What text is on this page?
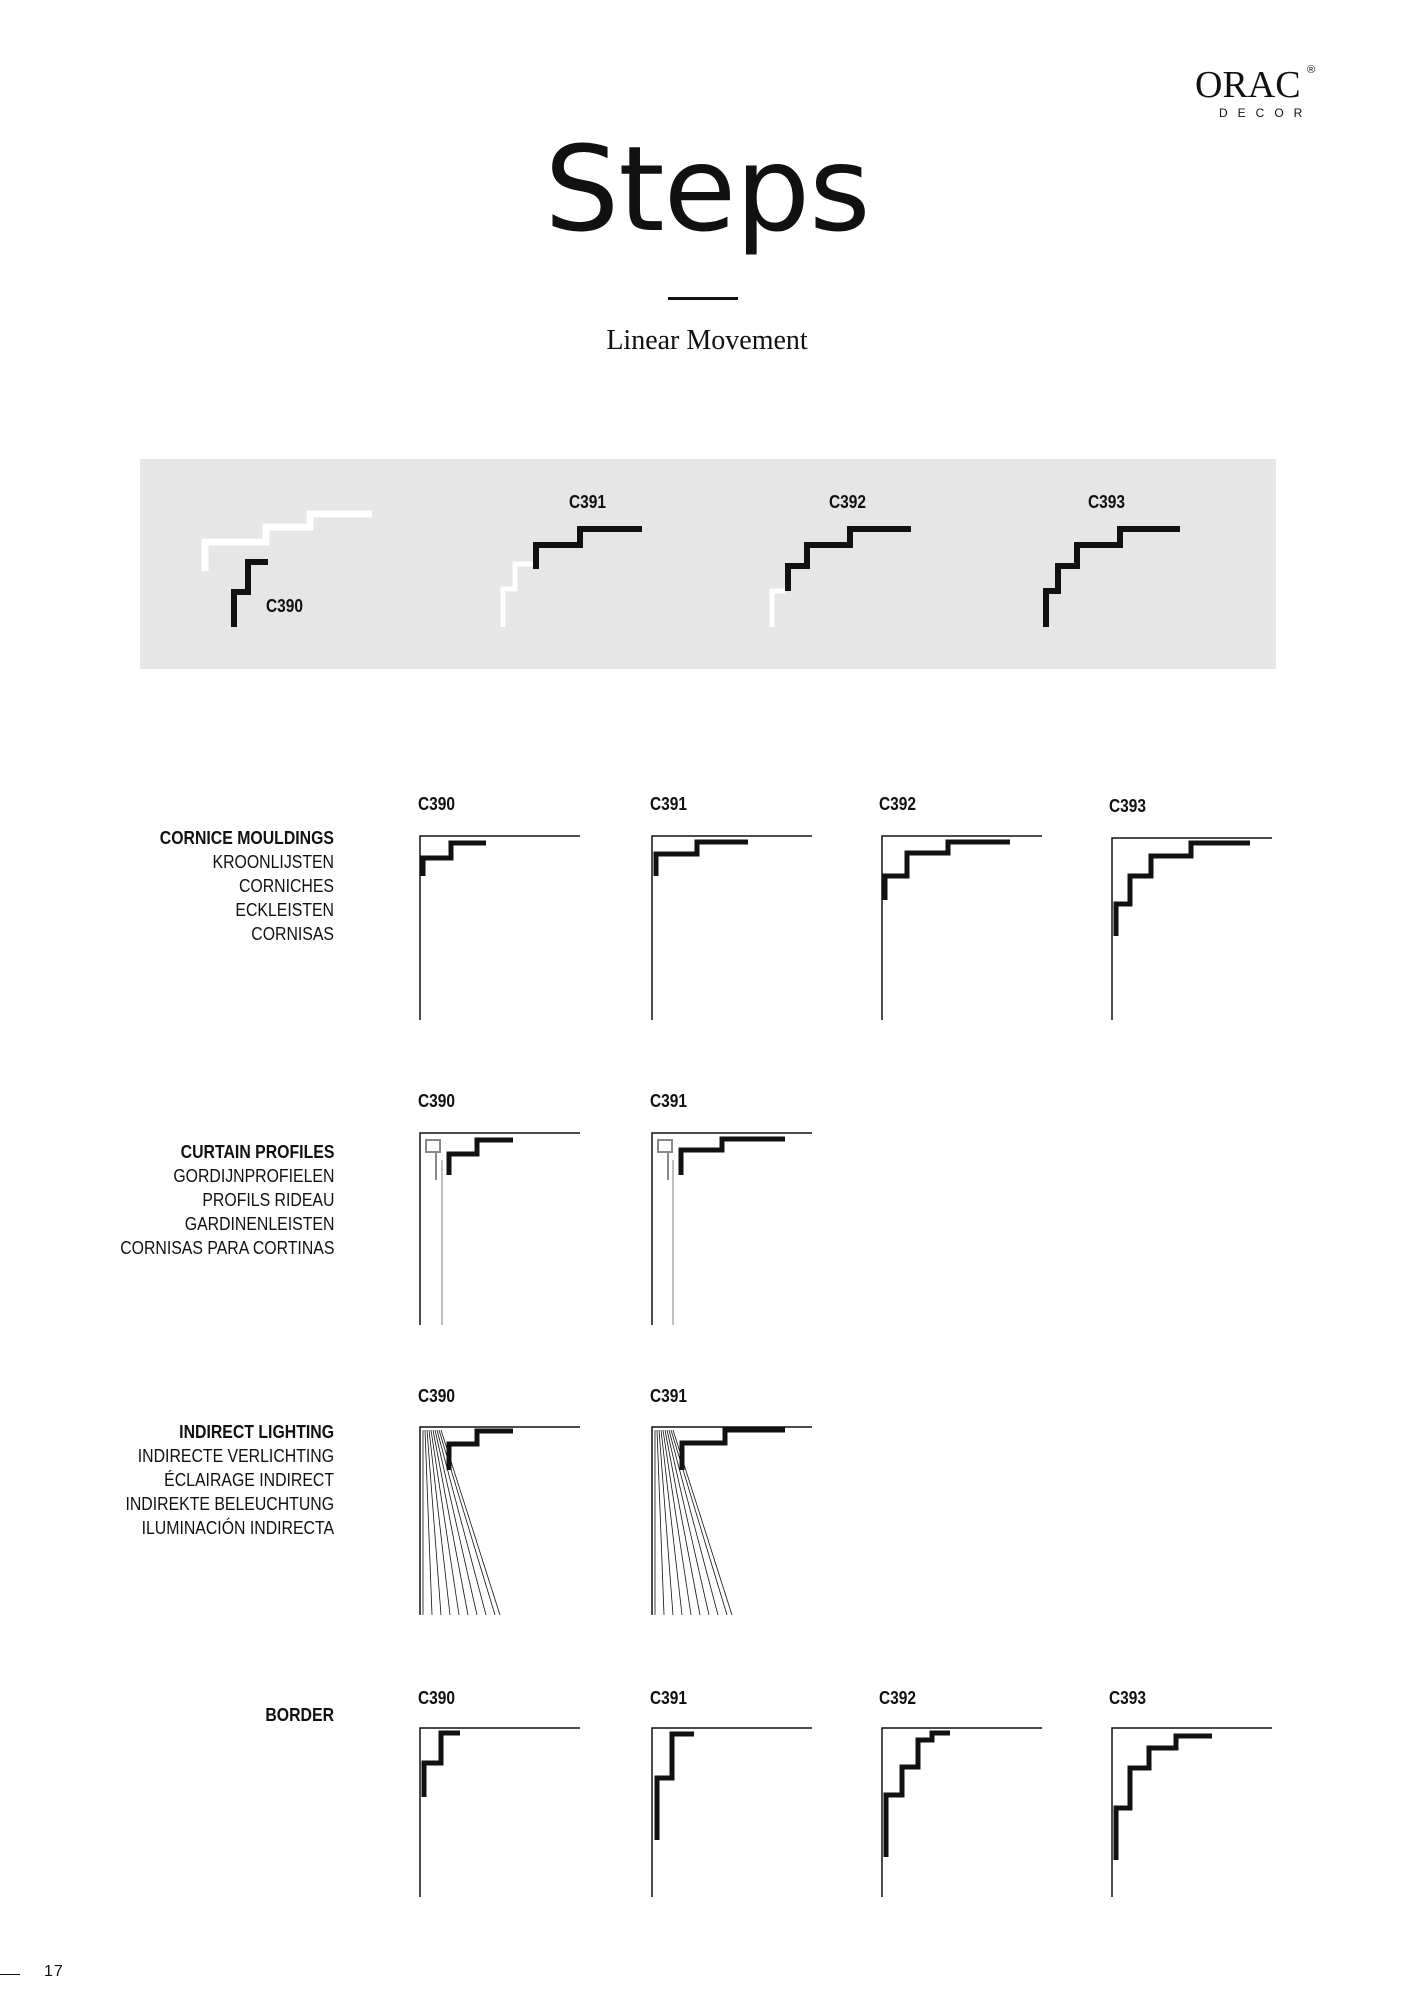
ORAC ®
DECOR
Steps
Linear Movement
C390
C391	C392	C393
CORNICE MOULDINGS
KROONLIJSTEN
CORNICHES
ECKLEISTEN
CORNISAS
C390	C391	C392	C393
CURTAIN PROFILES
GORDIJNPROFIELEN
PROFILS RIDEAU
GARDINENLEISTEN
CORNISAS PARA CORTINAS
C390	C391
INDIRECT LIGHTING
INDIRECTE VERLICHTING
ÉCLAIRAGE INDIRECT
INDIREKTE BELEUCHTUNG
ILUMINACIÓN INDIRECTA
C390	C391
BORDER
C390	C391	C392	C393
17
